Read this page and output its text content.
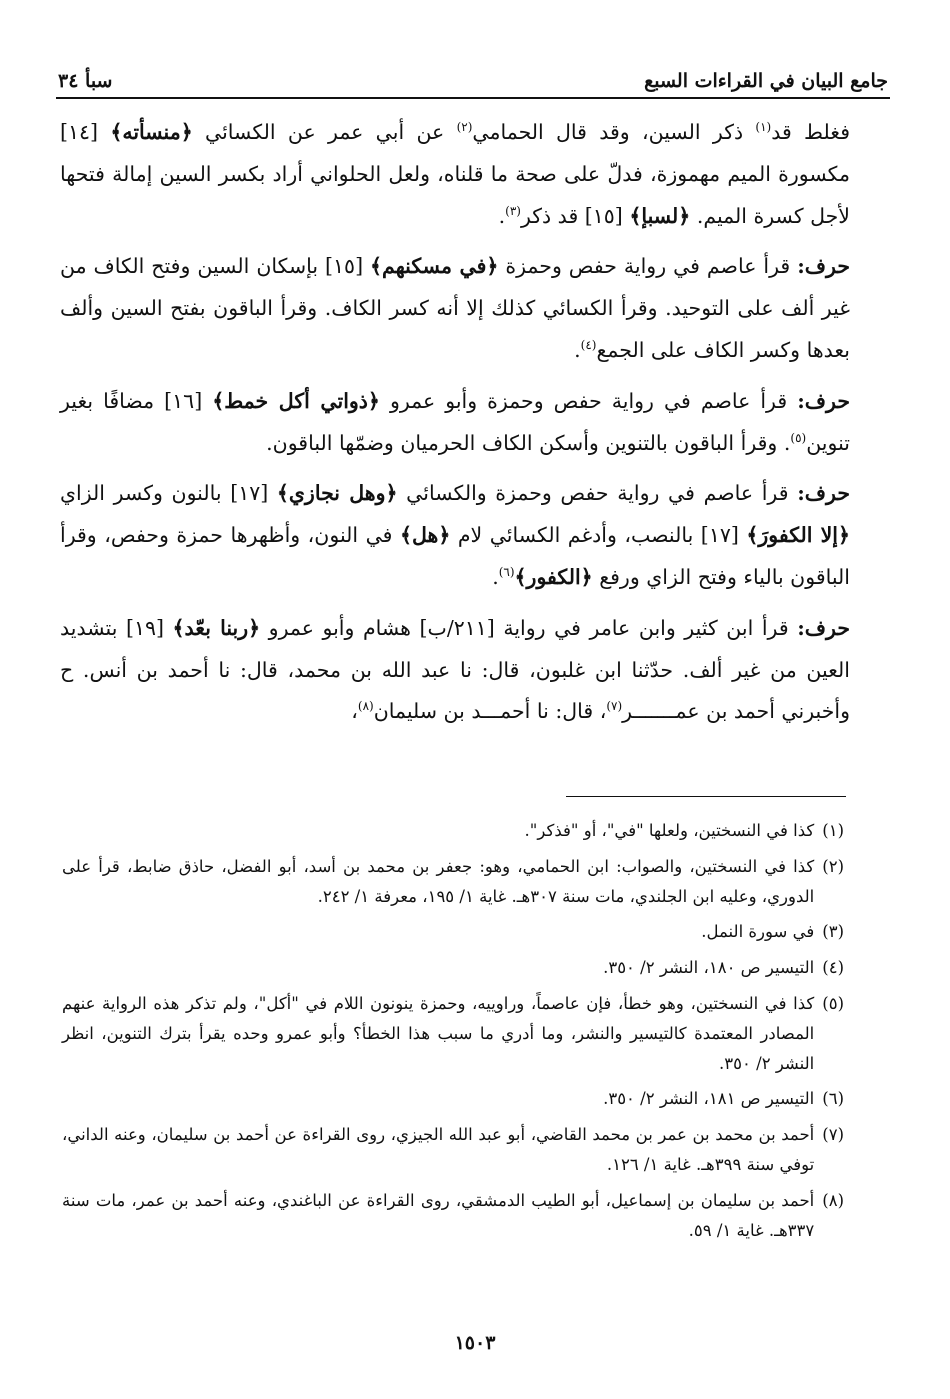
جامع البيان في القراءات السبع
سبأ ٣٤

فغلط قد$^{(١)}$ ذكر السين، وقد قال الحمامي$^{(٢)}$ عن أبي عمر عن الكسائي ﴿منسأته﴾ [١٤] مكسورة الميم مهموزة، فدلّ على صحة ما قلناه، ولعل الحلواني أراد بكسر السين إمالة فتحها لأجل كسرة الميم. ﴿لسبإ﴾ [١٥] قد ذكر$^{(٣)}$.

حرف: قرأ عاصم في رواية حفص وحمزة ﴿في مسكنهم﴾ [١٥] بإسكان السين وفتح الكاف من غير ألف على التوحيد. وقرأ الكسائي كذلك إلا أنه كسر الكاف. وقرأ الباقون بفتح السين وألف بعدها وكسر الكاف على الجمع$^{(٤)}$.

حرف: قرأ عاصم في رواية حفص وحمزة وأبو عمرو ﴿ذواتي أكل خمط﴾ [١٦] مضافًا بغير تنوين$^{(٥)}$. وقرأ الباقون بالتنوين وأسكن الكاف الحرميان وضمّها الباقون.

حرف: قرأ عاصم في رواية حفص وحمزة والكسائي ﴿وهل نجازي﴾ [١٧] بالنون وكسر الزاي ﴿إلا الكفورَ﴾ [١٧] بالنصب، وأدغم الكسائي لام ﴿هل﴾ في النون، وأظهرها حمزة وحفص، وقرأ الباقون بالياء وفتح الزاي ورفع ﴿الكفور﴾$^{(٦)}$.

حرف: قرأ ابن كثير وابن عامر في رواية [٢١١/ب] هشام وأبو عمرو ﴿ربنا بعّد﴾ [١٩] بتشديد العين من غير ألف. حدّثنا ابن غلبون، قال: نا عبد الله بن محمد، قال: نا أحمد بن أنس. ح وأخبرني أحمد بن عمـــــــر$^{(٧)}$، قال: نا أحمـــد بن سليمان$^{(٨)}$،

(١)
كذا في النسختين، ولعلها "في"، أو "فذكر".
(٢)
كذا في النسختين، والصواب: ابن الحمامي، وهو: جعفر بن محمد بن أسد، أبو الفضل، حاذق ضابط، قرأ على الدوري، وعليه ابن الجلندي، مات سنة ٣٠٧هـ. غاية ١/ ١٩٥، معرفة ١/ ٢٤٢.
(٣)
في سورة النمل.
(٤)
التيسير ص ١٨٠، النشر ٢/ ٣٥٠.
(٥)
كذا في النسختين، وهو خطأ، فإن عاصماً، وراوييه، وحمزة ينونون اللام في "أكل"، ولم تذكر هذه الرواية عنهم المصادر المعتمدة كالتيسير والنشر، وما أدري ما سبب هذا الخطأ؟ وأبو عمرو وحده يقرأ بترك التنوين، انظر النشر ٢/ ٣٥٠.
(٦)
التيسير ص ١٨١، النشر ٢/ ٣٥٠.
(٧)
أحمد بن محمد بن عمر بن محمد القاضي، أبو عبد الله الجيزي، روى القراءة عن أحمد بن سليمان، وعنه الداني، توفي سنة ٣٩٩هـ. غاية ١/ ١٢٦.
(٨)
أحمد بن سليمان بن إسماعيل، أبو الطيب الدمشقي، روى القراءة عن الباغندي، وعنه أحمد بن عمر، مات سنة ٣٣٧هـ. غاية ١/ ٥٩.
١٥٠٣
